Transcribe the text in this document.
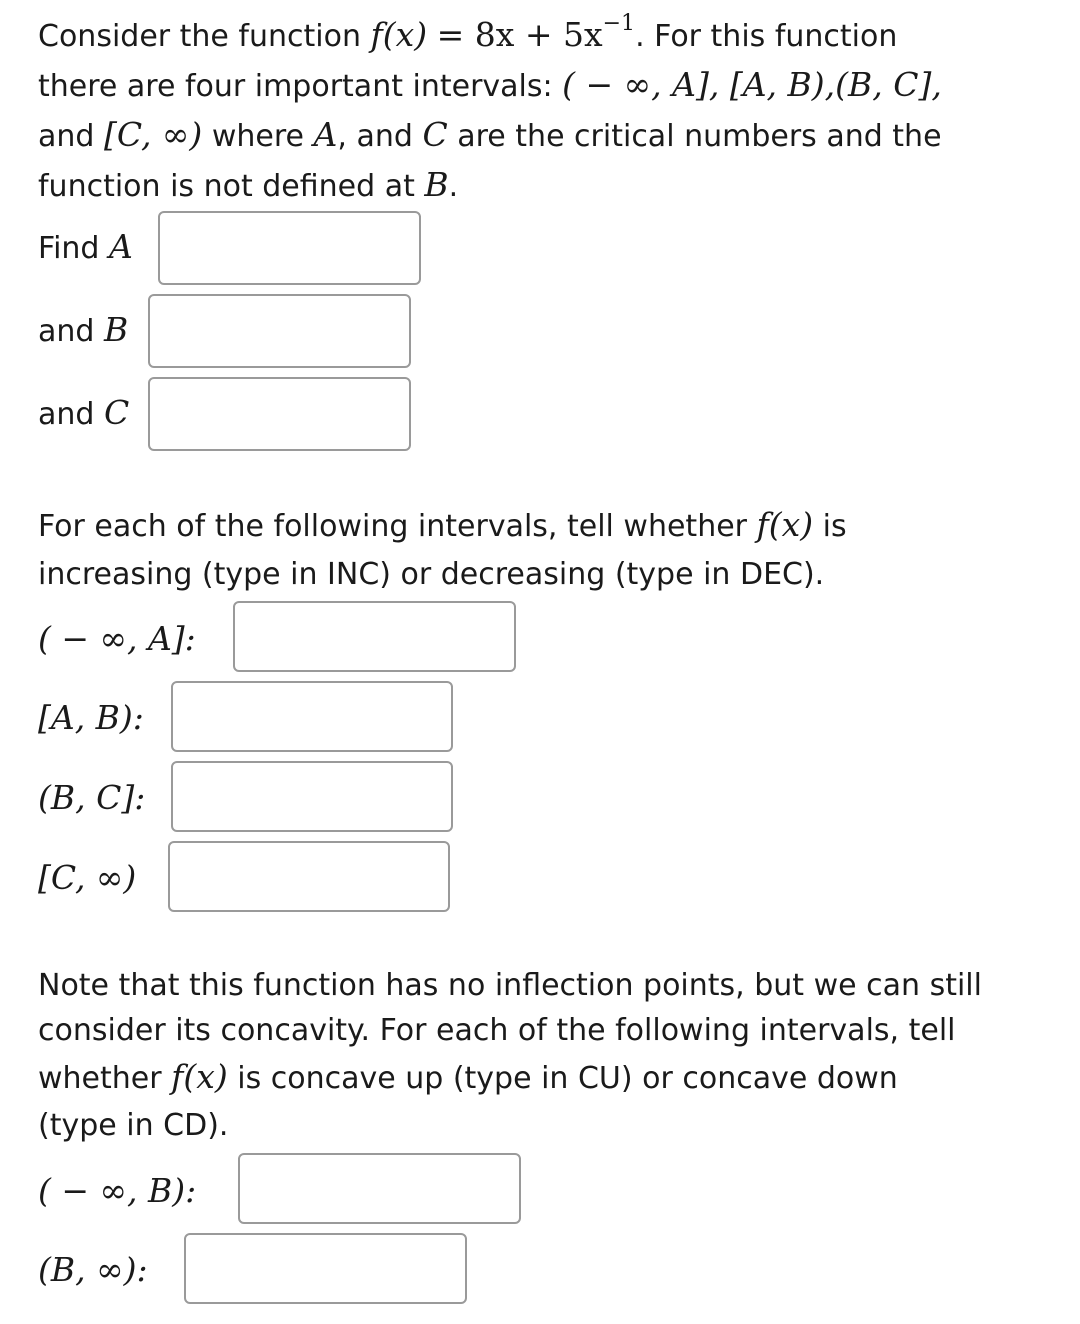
Consider the function $f(x) = 8x + 5x^{-1}$. For this function
there are four important intervals: ( − ∞, A], [A, B),(B, C],
and [C, ∞) where A, and C are the critical numbers and the
function is not defined at B.
Find A
and B
and C
For each of the following intervals, tell whether f(x) is
increasing (type in INC) or decreasing (type in DEC).
( − ∞, A]:
[A, B):
(B, C]:
[C, ∞)
Note that this function has no inflection points, but we can still
consider its concavity. For each of the following intervals, tell
whether f(x) is concave up (type in CU) or concave down
(type in CD).
( − ∞, B):
(B, ∞):
